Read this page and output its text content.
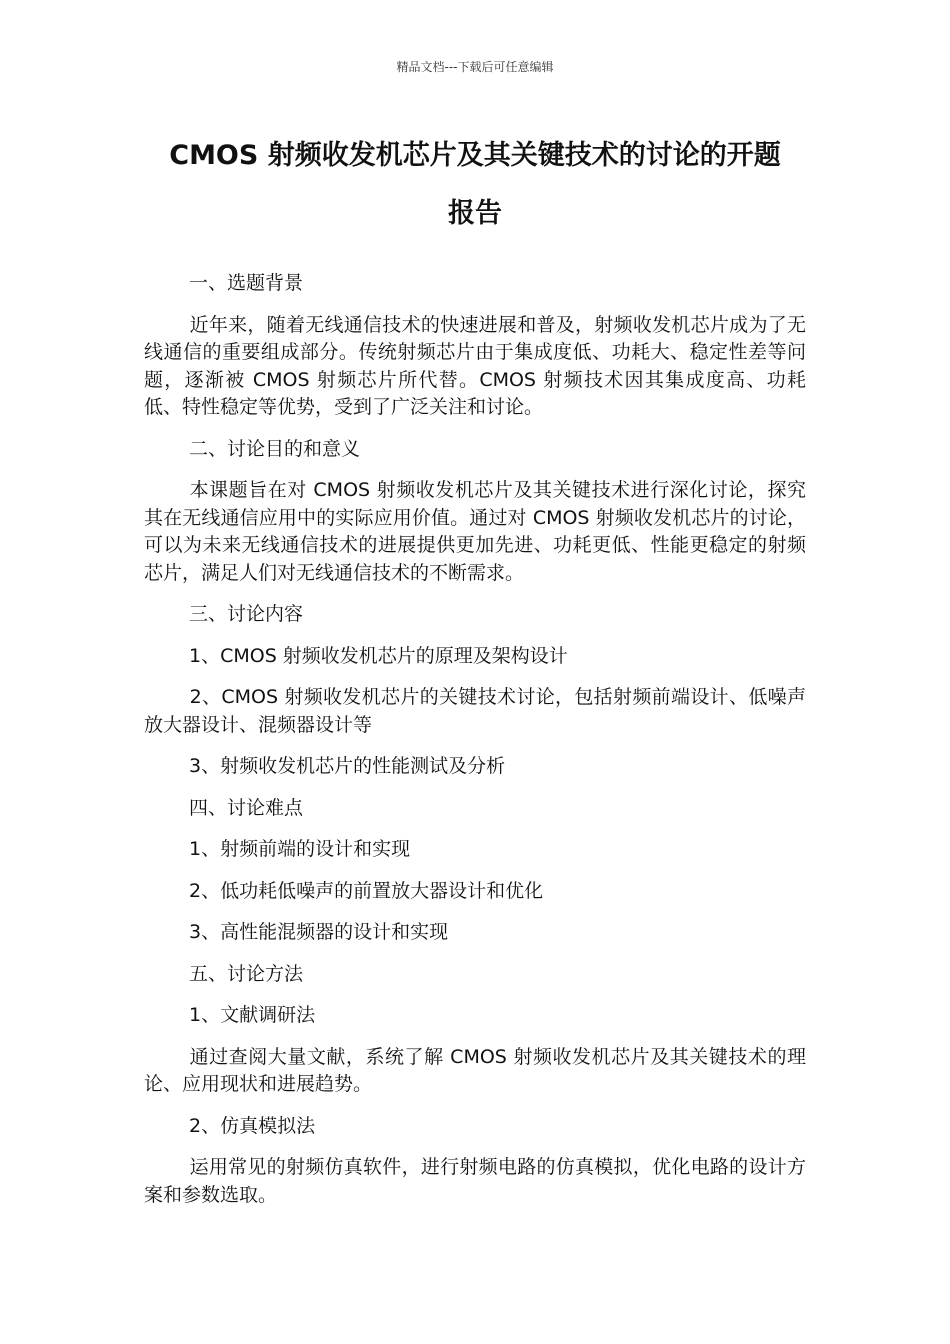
精品文档---下载后可任意编辑
CMOS 射频收发机芯片及其关键技术的讨论的开题
报告
一、选题背景

近年来，随着无线通信技术的快速进展和普及，射频收发机芯片成为了无线通信的重要组成部分。传统射频芯片由于集成度低、功耗大、稳定性差等问题，逐渐被 CMOS 射频芯片所代替。CMOS 射频技术因其集成度高、功耗低、特性稳定等优势，受到了广泛关注和讨论。

二、讨论目的和意义

本课题旨在对 CMOS 射频收发机芯片及其关键技术进行深化讨论，探究其在无线通信应用中的实际应用价值。通过对 CMOS 射频收发机芯片的讨论，可以为未来无线通信技术的进展提供更加先进、功耗更低、性能更稳定的射频芯片，满足人们对无线通信技术的不断需求。

三、讨论内容
1、CMOS 射频收发机芯片的原理及架构设计

2、CMOS 射频收发机芯片的关键技术讨论，包括射频前端设计、低噪声放大器设计、混频器设计等

3、射频收发机芯片的性能测试及分析
四、讨论难点
1、射频前端的设计和实现
2、低功耗低噪声的前置放大器设计和优化
3、高性能混频器的设计和实现
五、讨论方法
1、文献调研法

通过查阅大量文献，系统了解 CMOS 射频收发机芯片及其关键技术的理论、应用现状和进展趋势。

2、仿真模拟法

运用常见的射频仿真软件，进行射频电路的仿真模拟，优化电路的设计方案和参数选取。
